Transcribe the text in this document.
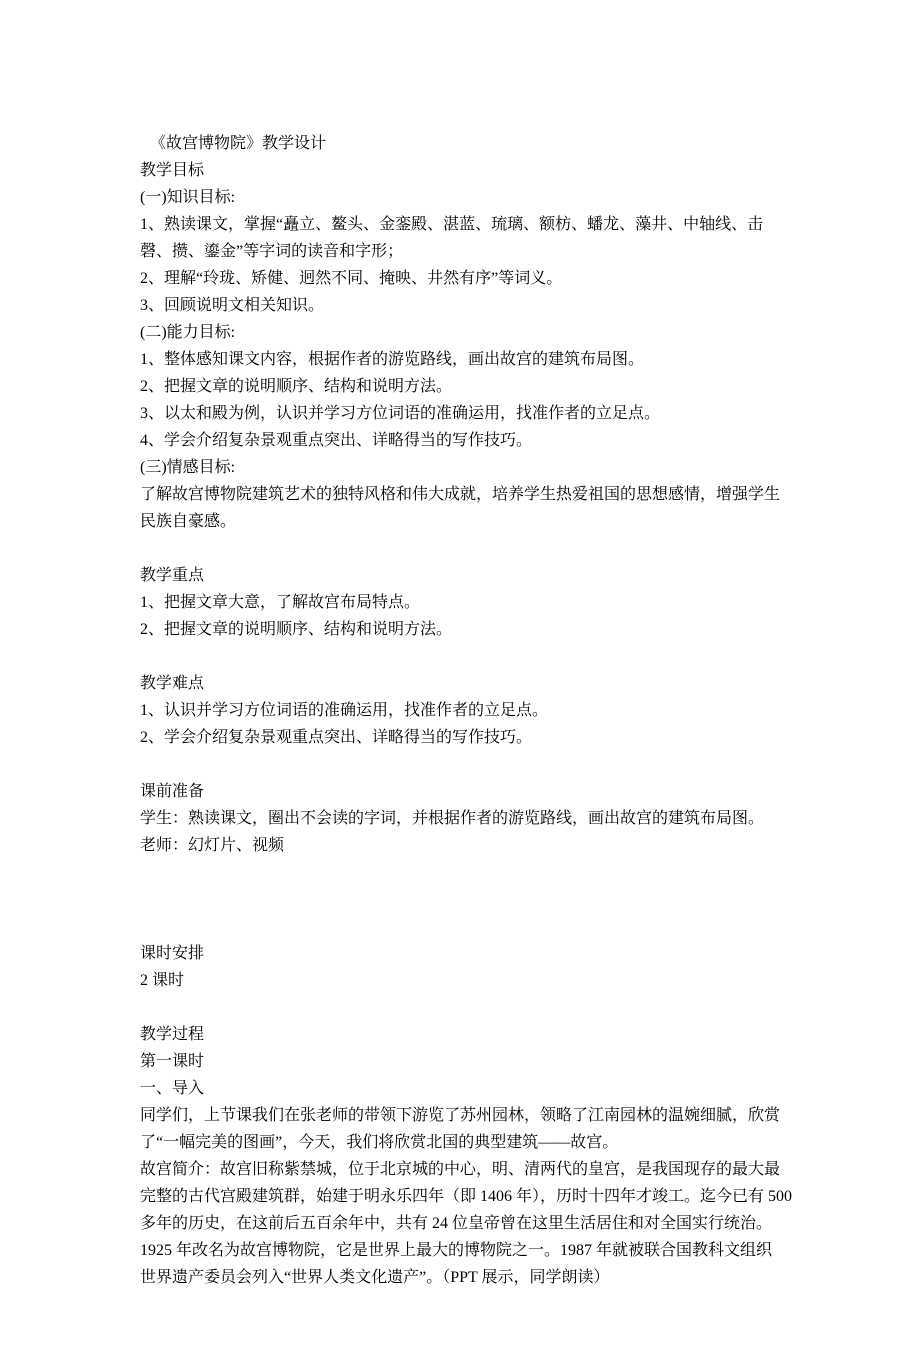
《故宫博物院》教学设计
教学目标
(一)知识目标:
1、熟读课文，掌握“矗立、鳌头、金銮殿、湛蓝、琉璃、额枋、蟠龙、藻井、中轴线、击
磬、攒、鎏金”等字词的读音和字形；
2、理解“玲珑、矫健、迥然不同、掩映、井然有序”等词义。
3、回顾说明文相关知识。
(二)能力目标:
1、整体感知课文内容，根据作者的游览路线，画出故宫的建筑布局图。
2、把握文章的说明顺序、结构和说明方法。
3、以太和殿为例，认识并学习方位词语的准确运用，找准作者的立足点。
4、学会介绍复杂景观重点突出、详略得当的写作技巧。
(三)情感目标:
了解故宫博物院建筑艺术的独特风格和伟大成就，培养学生热爱祖国的思想感情，增强学生
民族自豪感。
教学重点
1、把握文章大意，了解故宫布局特点。
2、把握文章的说明顺序、结构和说明方法。
教学难点
1、认识并学习方位词语的准确运用，找准作者的立足点。
2、学会介绍复杂景观重点突出、详略得当的写作技巧。
课前准备
学生：熟读课文，圈出不会读的字词，并根据作者的游览路线，画出故宫的建筑布局图。
老师：幻灯片、视频
课时安排
2 课时
教学过程
第一课时
一、导入
同学们，上节课我们在张老师的带领下游览了苏州园林，领略了江南园林的温婉细腻，欣赏
了“一幅完美的图画”，今天，我们将欣赏北国的典型建筑——故宫。
故宫简介：故宫旧称紫禁城，位于北京城的中心，明、清两代的皇宫，是我国现存的最大最
完整的古代宫殿建筑群，始建于明永乐四年（即 1406 年），历时十四年才竣工。迄今已有 500
多年的历史，在这前后五百余年中，共有 24 位皇帝曾在这里生活居住和对全国实行统治。
1925 年改名为故宫博物院，它是世界上最大的博物院之一。1987 年就被联合国教科文组织
世界遗产委员会列入“世界人类文化遗产”。（PPT 展示，同学朗读）
